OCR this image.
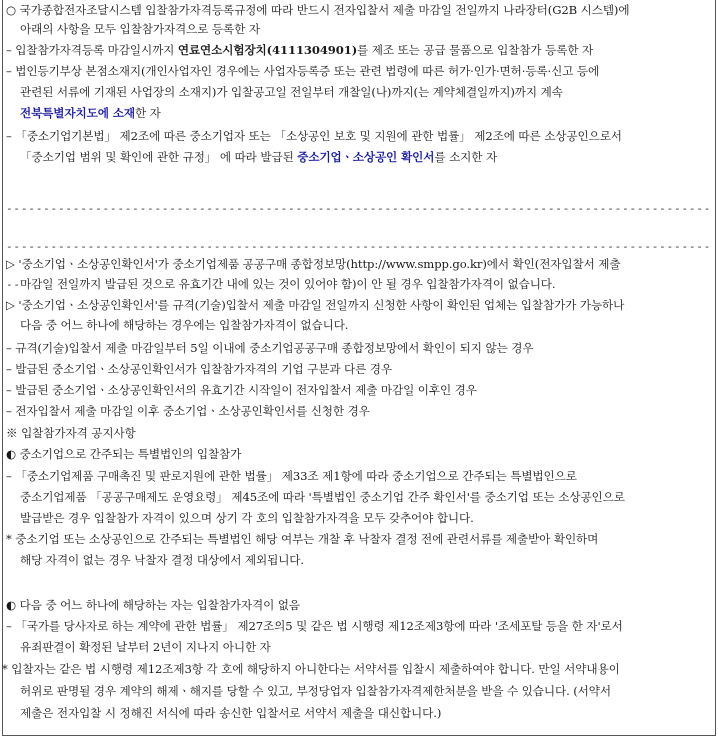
○ 국가종합전자조달시스템 입찰참가자격등록규정에 따라 반드시 전자입찰서 제출 마감일 전일까지 나라장터(G2B 시스템)에
아래의 사항을 모두 입찰참가자격으로 등록한 자
– 입찰참가자격등록 마감일시까지 연료연소시험장치(4111304901)를 제조 또는 공급 물품으로 입찰참가 등록한 자
– 법인등기부상 본점소재지(개인사업자인 경우에는 사업자등록증 또는 관련 법령에 따른 허가·인가·면허·등록·신고 등에
관련된 서류에 기재된 사업장의 소재지)가 입찰공고일 전일부터 개찰일(나)까지(는 계약체결일까지)까지 계속
전북특별자치도에 소재한 자
– 「중소기업기본법」 제2조에 따른 중소기업자 또는 「소상공인 보호 및 지원에 관한 법률」 제2조에 따른 소상공인으로서
「중소기업 범위 및 확인에 관한 규정」 에 따라 발급된 중소기업ㆍ소상공인 확인서를 소지한 자
------------------------------------------------------------------------------------------------------------------------------------------------------------------------------------------------
▷ '중소기업ㆍ소상공인확인서'가 중소기업제품 공공구매 종합정보망(http://www.smpp.go.kr)에서 확인(전자입찰서 제출
마감일 전일까지 발급된 것으로 유효기간 내에 있는 것이 있어야 함)이 안 될 경우 입찰참가자격이 없습니다.
▷ '중소기업ㆍ소상공인확인서'를 규격(기술)입찰서 제출 마감일 전일까지 신청한 사항이 확인된 업체는 입찰참가가 가능하나
다음 중 어느 하나에 해당하는 경우에는 입찰참가자격이 없습니다.
– 규격(기술)입찰서 제출 마감일부터 5일 이내에 중소기업공공구매 종합정보망에서 확인이 되지 않는 경우
– 발급된 중소기업ㆍ소상공인확인서가 입찰참가자격의 기업 구분과 다른 경우
– 발급된 중소기업ㆍ소상공인확인서의 유효기간 시작일이 전자입찰서 제출 마감일 이후인 경우
– 전자입찰서 제출 마감일 이후 중소기업ㆍ소상공인확인서를 신청한 경우
※ 입찰참가자격 공지사항
◐ 중소기업으로 간주되는 특별법인의 입찰참가
– 「중소기업제품 구매촉진 및 판로지원에 관한 법률」 제33조 제1항에 따라 중소기업으로 간주되는 특별법인으로
중소기업제품 「공공구매제도 운영요령」 제45조에 따라 '특별법인 중소기업 간주 확인서'를 중소기업 또는 소상공인으로
발급받은 경우 입찰참가 자격이 있으며 상기 각 호의 입찰참가자격을 모두 갖추어야 합니다.
* 중소기업 또는 소상공인으로 간주되는 특별법인 해당 여부는 개찰 후 낙찰자 결정 전에 관련서류를 제출받아 확인하며
해당 자격이 없는 경우 낙찰자 결정 대상에서 제외됩니다.
◐ 다음 중 어느 하나에 해당하는 자는 입찰참가자격이 없음
– 「국가를 당사자로 하는 계약에 관한 법률」 제27조의5 및 같은 법 시행령 제12조제3항에 따라 '조세포탈 등을 한 자'로서
유죄판결이 확정된 날부터 2년이 지나지 아니한 자
* 입찰자는 같은 법 시행령 제12조제3항 각 호에 해당하지 아니한다는 서약서를 입찰시 제출하여야 합니다. 만일 서약내용이
허위로 판명될 경우 계약의 해제ㆍ해지를 당할 수 있고, 부정당업자 입찰참가자격제한처분을 받을 수 있습니다. (서약서
제출은 전자입찰 시 정해진 서식에 따라 송신한 입찰서로 서약서 제출을 대신합니다.)
